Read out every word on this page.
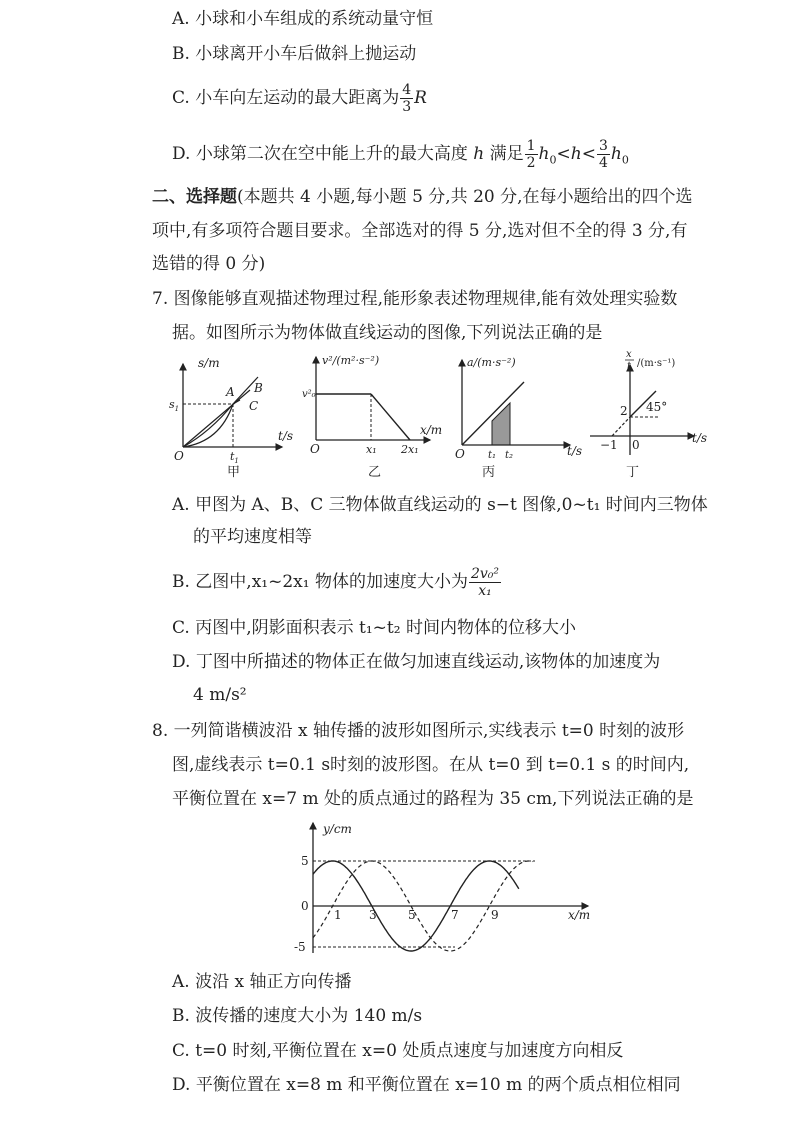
A. 小球和小车组成的系统动量守恒
B. 小球离开小车后做斜上抛运动
C. 小车向左运动的最大距离为 $\frac{4}{3}$ R
D. 小球第二次在空中能上升的最大高度 h 满足 $\frac{1}{2} h_0<h< \frac{3}{4} h_0$
二、选择题(本题共 4 小题,每小题 5 分,共 20 分,在每小题给出的四个选
项中,有多项符合题目要求。全部选对的得 5 分,选对但不全的得 3 分,有
选错的得 0 分)
7. 图像能够直观描述物理过程,能形象表述物理规律,能有效处理实验数
据。如图所示为物体做直线运动的图像,下列说法正确的是
s/m
$s_1$
$t_1$
A B
C
t/s
O
甲
v²/(m²·s⁻²)
v²₀
x₁ 2x₁
x/m
O
乙
a/(m·s⁻²)
t₁ t₂	t/s
O
丙
x
t /(m·s⁻¹)
2 45°
−1 0	t/s
丁
A. 甲图为 A、B、C 三物体做直线运动的 s−t 图像,0~t₁ 时间内三物体
的平均速度相等
B. 乙图中,x₁~2x₁ 物体的加速度大小为 $\frac{\text{2v₀²}}{\text{x₁}}$
C. 丙图中,阴影面积表示 t₁~t₂ 时间内物体的位移大小
D. 丁图中所描述的物体正在做匀加速直线运动,该物体的加速度为
4 m/s²
8. 一列简谐横波沿 x 轴传播的波形如图所示,实线表示 t=0 时刻的波形
图,虚线表示 t=0.1 s时刻的波形图。在从 t=0 到 t=0.1 s 的时间内,
平衡位置在 x=7 m 处的质点通过的路程为 35 cm,下列说法正确的是
y/cm
x/m
5
0
-5
1 3	5	7	9
A. 波沿 x 轴正方向传播
B. 波传播的速度大小为 140 m/s
C. t=0 时刻,平衡位置在 x=0 处质点速度与加速度方向相反
D. 平衡位置在 x=8 m 和平衡位置在 x=10 m 的两个质点相位相同
